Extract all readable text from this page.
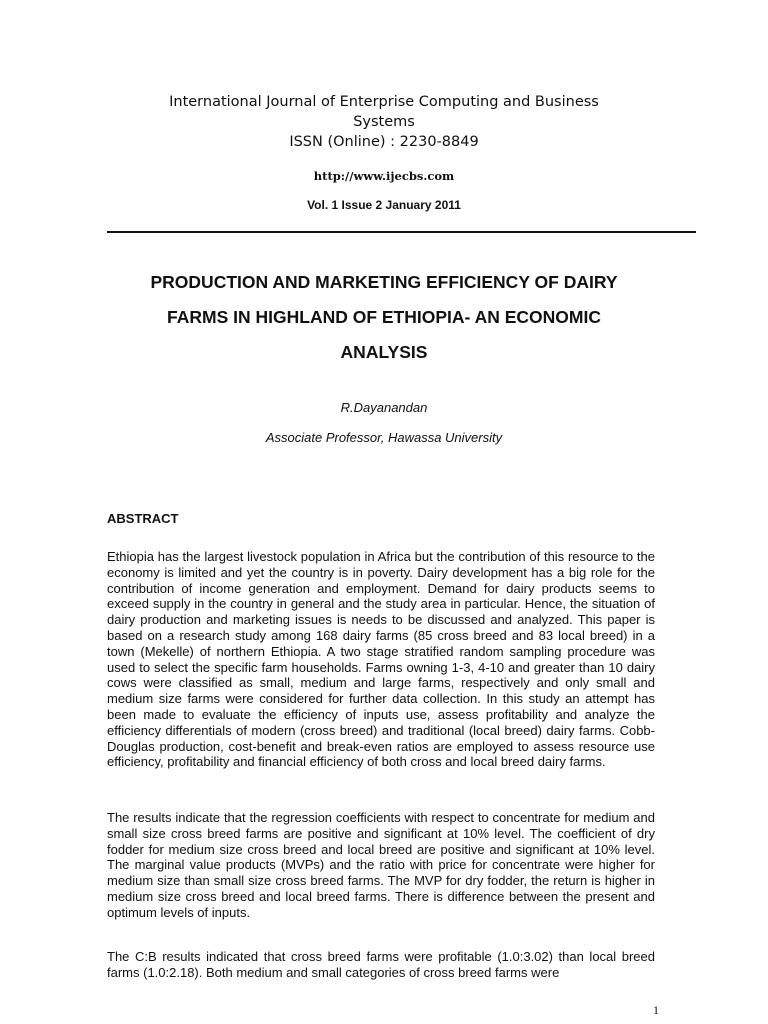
International Journal of Enterprise Computing and Business
Systems
ISSN (Online) : 2230-8849
http://www.ijecbs.com
Vol. 1 Issue 2 January 2011
PRODUCTION AND MARKETING EFFICIENCY OF DAIRY
FARMS IN HIGHLAND OF ETHIOPIA- AN ECONOMIC
ANALYSIS
R.Dayanandan
Associate Professor, Hawassa University
ABSTRACT
Ethiopia has the largest livestock population in Africa but the contribution of this resource to the economy is limited and yet the country is in poverty. Dairy development has a big role for the contribution of income generation and employment. Demand for dairy products seems to exceed supply in the country in general and the study area in particular. Hence, the situation of dairy production and marketing issues is needs to be discussed and analyzed. This paper is based on a research study among 168 dairy farms (85 cross breed and 83 local breed) in a town (Mekelle) of northern Ethiopia. A two stage stratified random sampling procedure was used to select the specific farm households. Farms owning 1-3, 4-10 and greater than 10 dairy cows were classified as small, medium and large farms, respectively and only small and medium size farms were considered for further data collection. In this study an attempt has been made to evaluate the efficiency of inputs use, assess profitability and analyze the efficiency differentials of modern (cross breed) and traditional (local breed) dairy farms. Cobb-Douglas production, cost-benefit and break-even ratios are employed to assess resource use efficiency, profitability and financial efficiency of both cross and local breed dairy farms.
The results indicate that the regression coefficients with respect to concentrate for medium and small size cross breed farms are positive and significant at 10% level. The coefficient of dry fodder for medium size cross breed and local breed are positive and significant at 10% level. The marginal value products (MVPs) and the ratio with price for concentrate were higher for medium size than small size cross breed farms. The MVP for dry fodder, the return is higher in medium size cross breed and local breed farms. There is difference between the present and optimum levels of inputs.
The C:B results indicated that cross breed farms were profitable (1.0:3.02) than local breed farms (1.0:2.18). Both medium and small categories of cross breed farms were
1
